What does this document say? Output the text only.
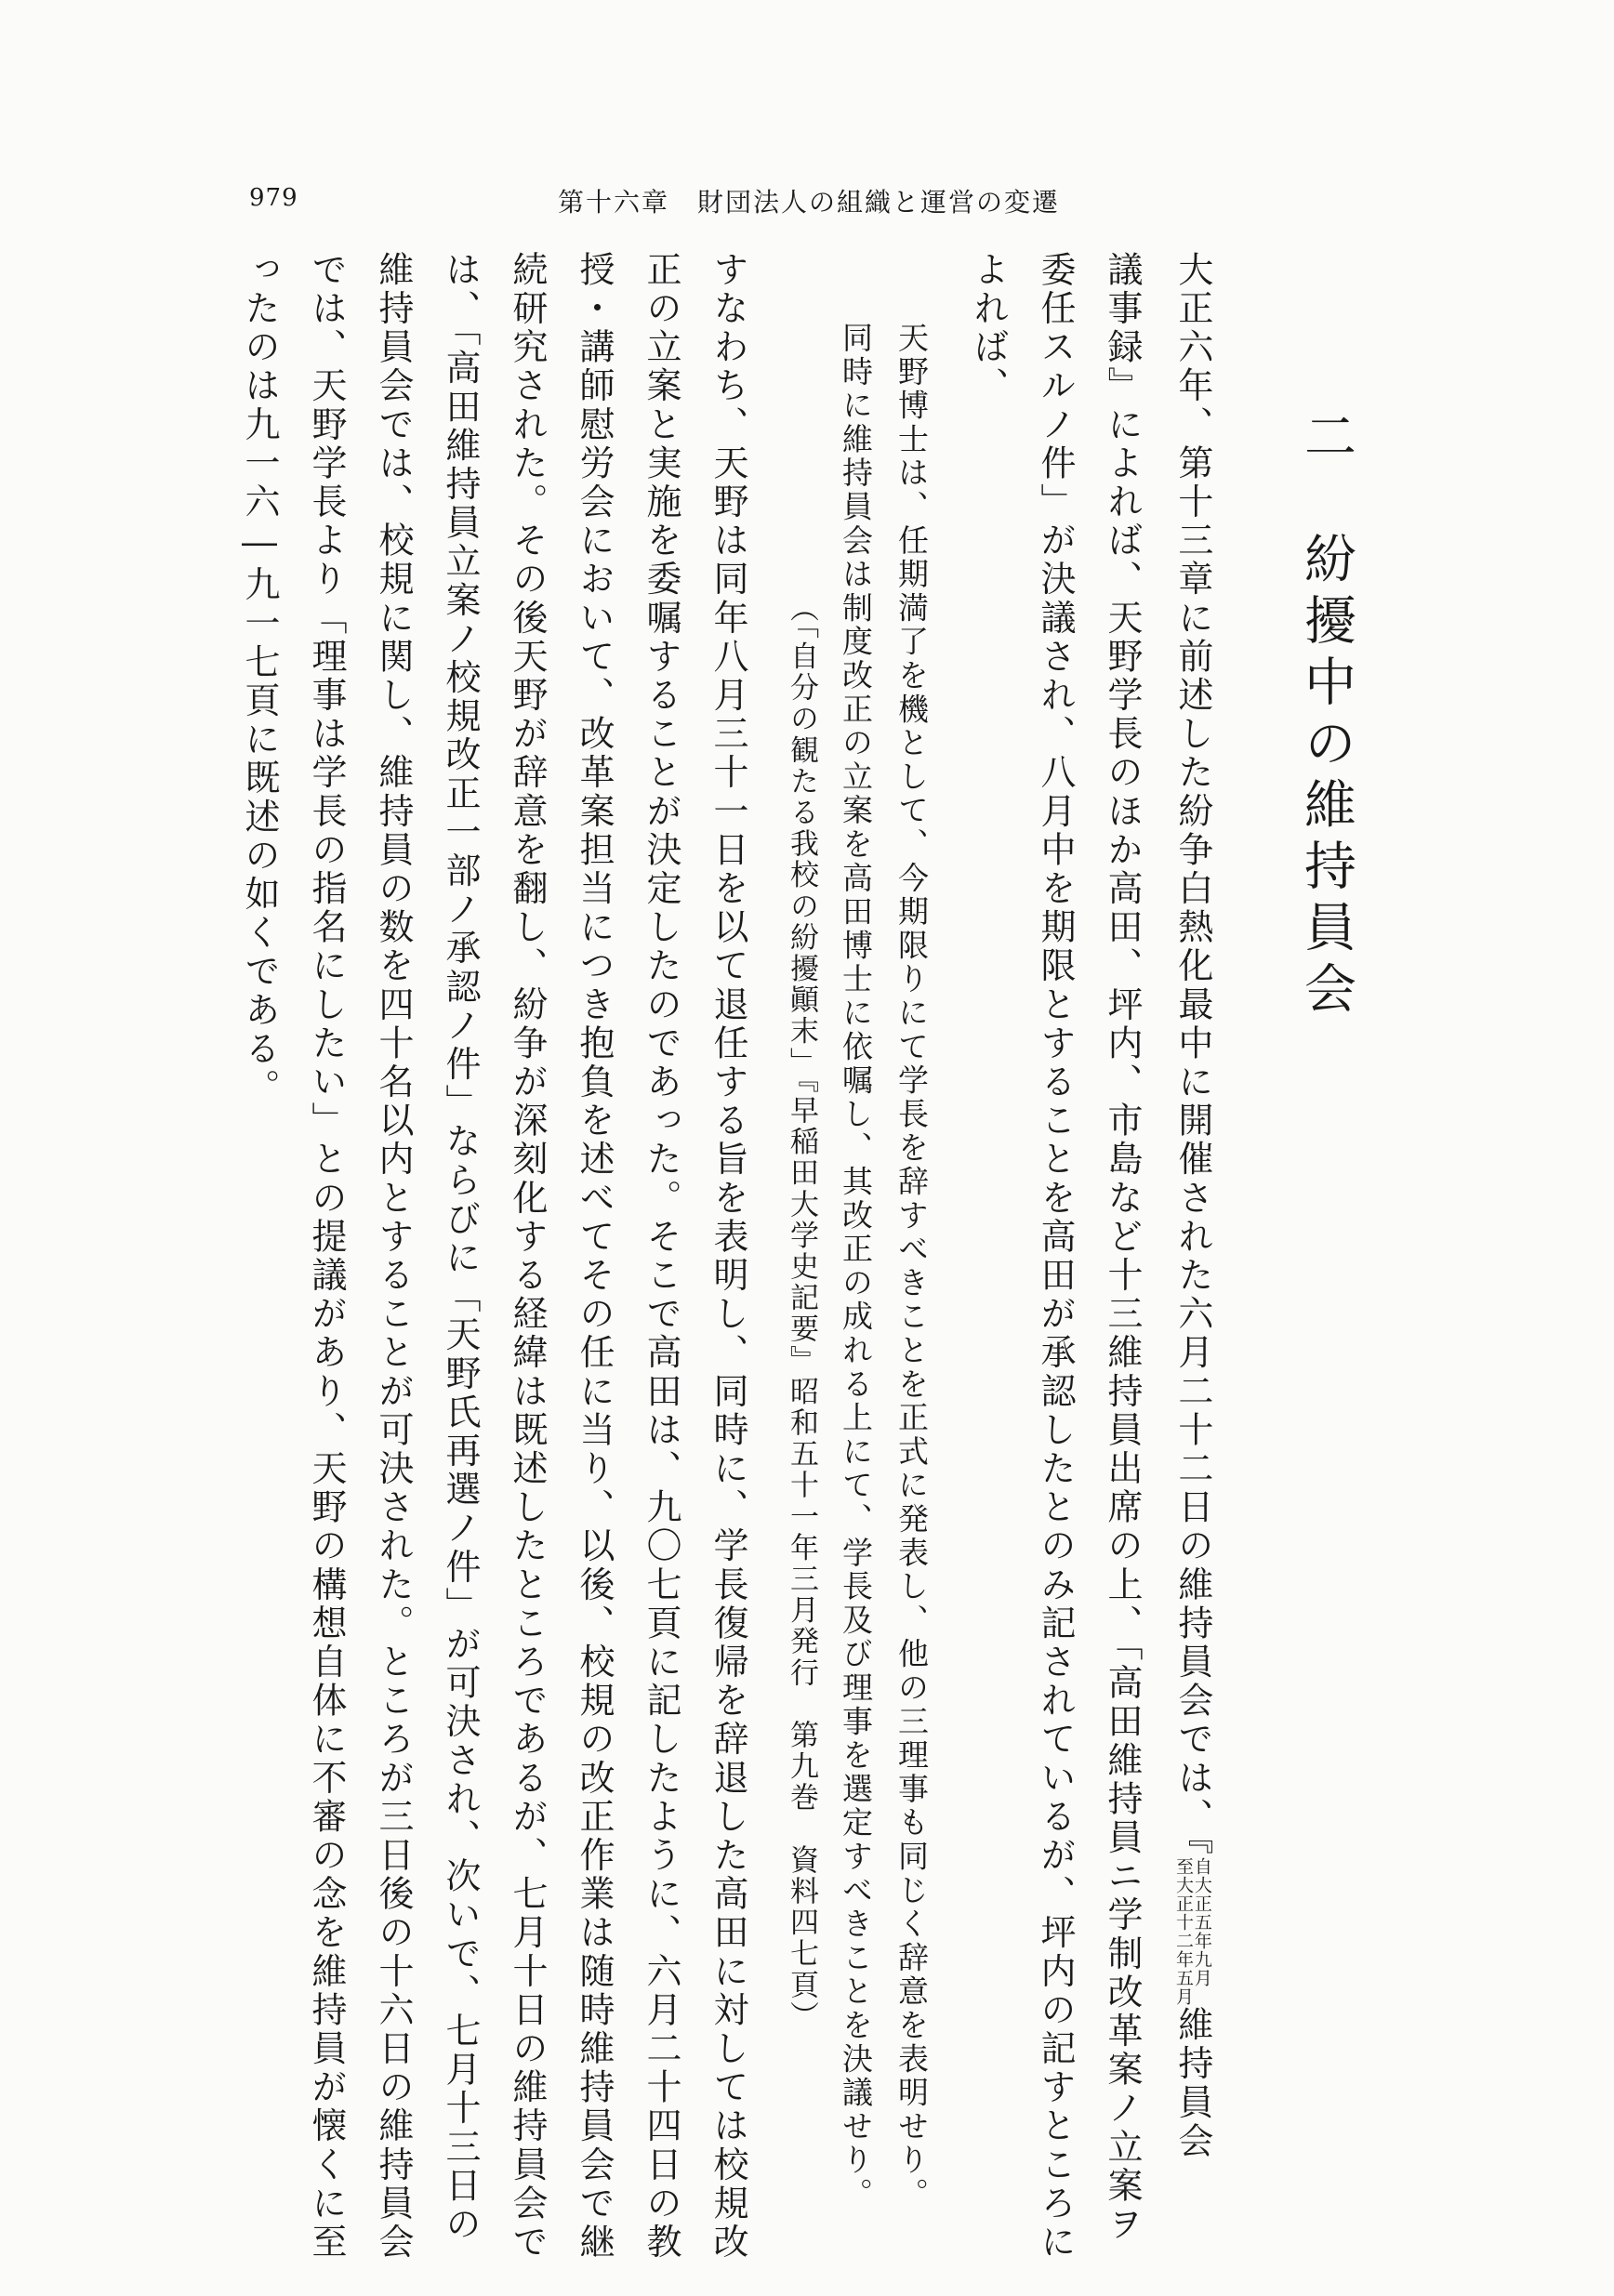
979	第十六章　財団法人の組織と運営の変遷
二　紛擾中の維持員会
大正六年、第十三章に前述した紛争白熱化最中に開催された六月二十二日の維持員会では、『
自大正五年九月
至大正十二年五月
維持員会
議事録』によれば、天野学長のほか高田、坪内、市島など十三維持員出席の上、「高田維持員ニ学制改革案ノ立案ヲ
委任スルノ件」が決議され、八月中を期限とすることを高田が承認したとのみ記されているが、坪内の記すところに
よれば、
天野博士は、任期満了を機として、今期限りにて学長を辞すべきことを正式に発表し、他の三理事も同じく辞意を表明せり。
同時に維持員会は制度改正の立案を高田博士に依嘱し、其改正の成れる上にて、学長及び理事を選定すべきことを決議せり。
（「自分の観たる我校の紛擾顚末」『早稲田大学史記要』昭和五十一年三月発行　第九巻　資料四七頁）
すなわち、天野は同年八月三十一日を以て退任する旨を表明し、同時に、学長復帰を辞退した高田に対しては校規改
正の立案と実施を委嘱することが決定したのであった。そこで高田は、九〇七頁に記したように、六月二十四日の教
授・講師慰労会において、改革案担当につき抱負を述べてその任に当り、以後、校規の改正作業は随時維持員会で継
続研究された。その後天野が辞意を翻し、紛争が深刻化する経緯は既述したところであるが、七月十日の維持員会で
は、「高田維持員立案ノ校規改正一部ノ承認ノ件」ならびに「天野氏再選ノ件」が可決され、次いで、七月十三日の
維持員会では、校規に関し、維持員の数を四十名以内とすることが可決された。ところが三日後の十六日の維持員会
では、天野学長より「理事は学長の指名にしたい」との提議があり、天野の構想自体に不審の念を維持員が懐くに至
ったのは九一六―九一七頁に既述の如くである。
